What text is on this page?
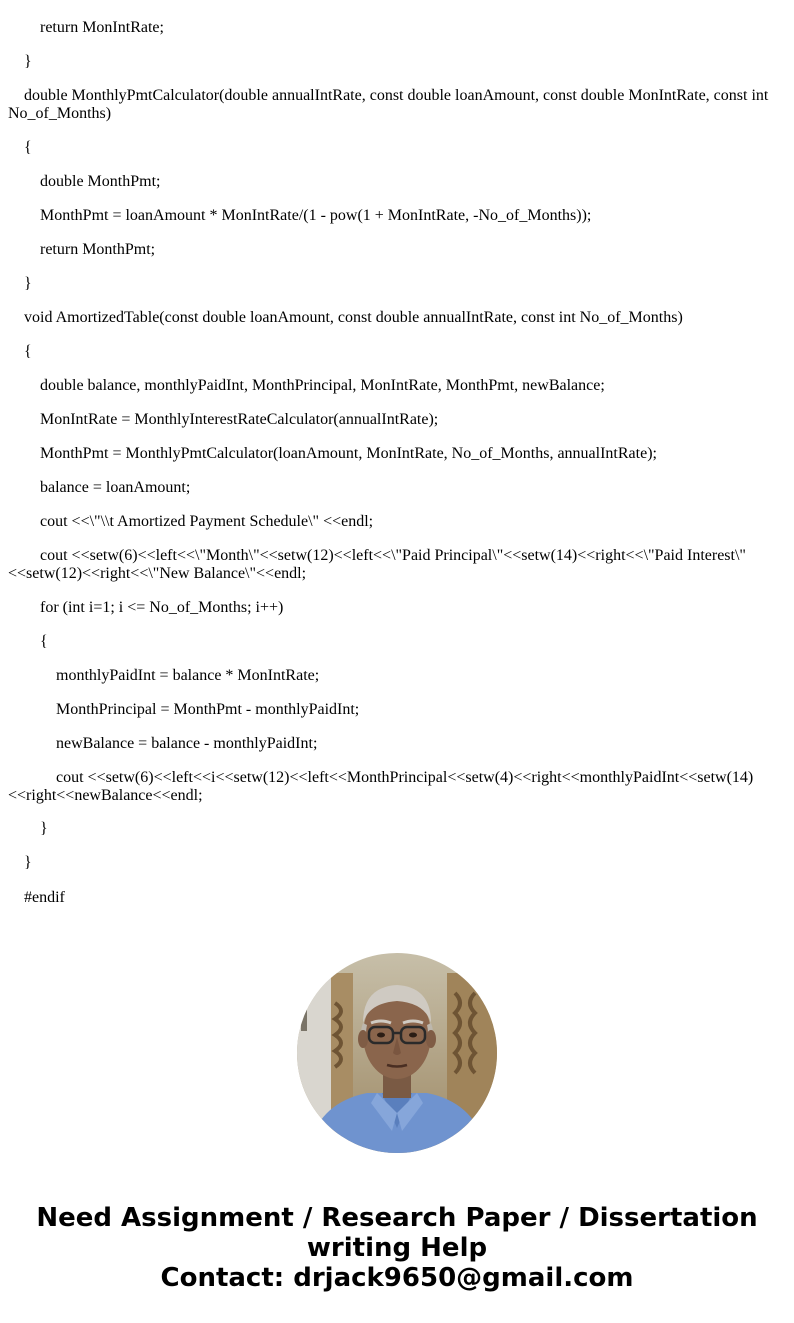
return MonIntRate;
}
double MonthlyPmtCalculator(double annualIntRate, const double loanAmount, const double MonIntRate, const int No_of_Months)
{
double MonthPmt;
MonthPmt = loanAmount * MonIntRate/(1 - pow(1 + MonIntRate, -No_of_Months));
return MonthPmt;
}
void AmortizedTable(const double loanAmount, const double annualIntRate, const int No_of_Months)
{
double balance, monthlyPaidInt, MonthPrincipal, MonIntRate, MonthPmt, newBalance;
MonIntRate = MonthlyInterestRateCalculator(annualIntRate);
MonthPmt = MonthlyPmtCalculator(loanAmount, MonIntRate, No_of_Months, annualIntRate);
balance = loanAmount;
cout <<\"\\t Amortized Payment Schedule\" <<endl;
cout <<setw(6)<<left<<\"Month\"<<setw(12)<<left<<\"Paid Principal\"<<setw(14)<<right<<\"Paid Interest\" <<setw(12)<<right<<\"New Balance\"<<endl;
for (int i=1; i <= No_of_Months; i++)
{
monthlyPaidInt = balance * MonIntRate;
MonthPrincipal = MonthPmt - monthlyPaidInt;
newBalance = balance - monthlyPaidInt;
cout <<setw(6)<<left<<i<<setw(12)<<left<<MonthPrincipal<<setw(4)<<right<<monthlyPaidInt<<setw(14)<<right<<newBalance<<endl;
}
}
#endif
Need Assignment / Research Paper / Dissertation
writing Help
Contact: drjack9650@gmail.com
